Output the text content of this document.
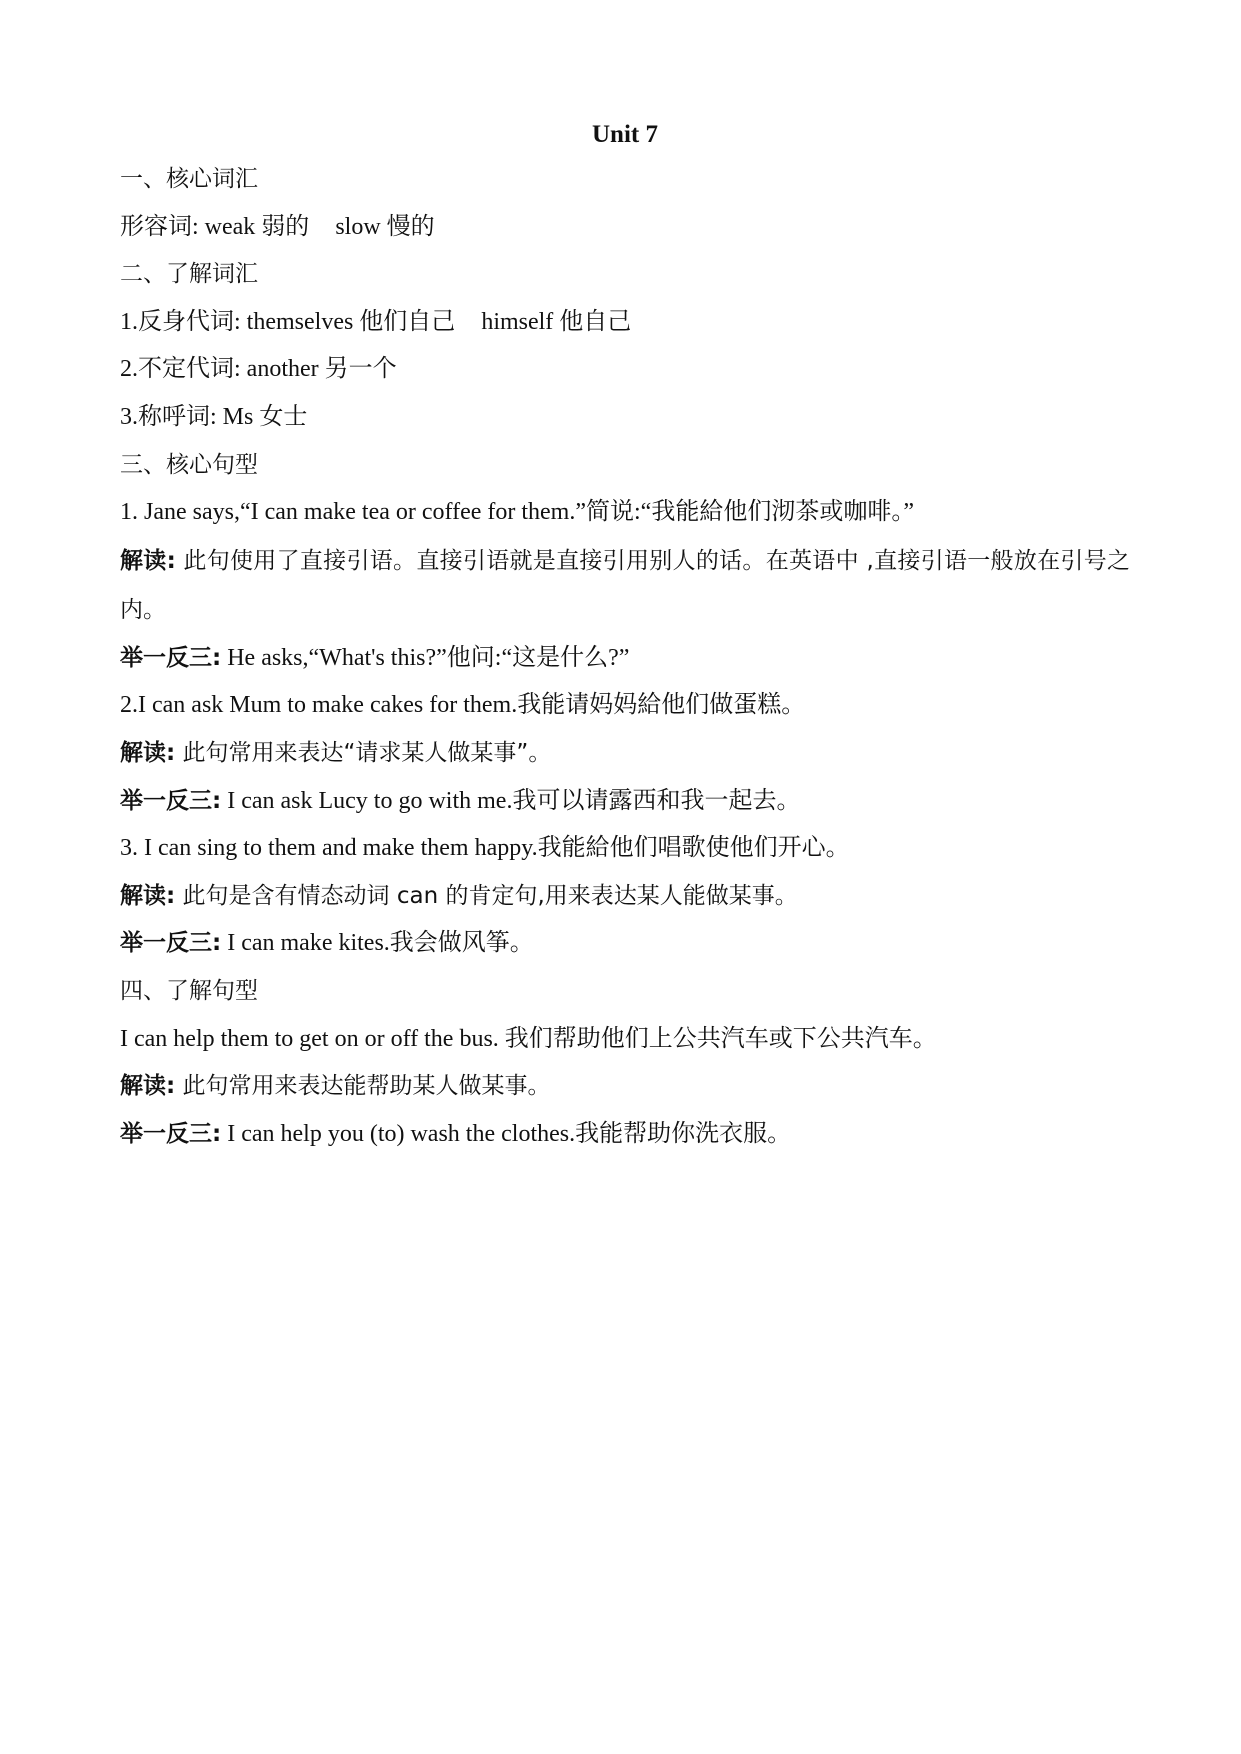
Unit 7

一、核心词汇

形容词: weak 弱的 slow 慢的

二、了解词汇

1.反身代词: themselves 他们自己 himself 他自己

2.不定代词: another 另一个

3.称呼词: Ms 女士

三、核心句型

1. Jane says,“I can make tea or coffee for them.”简说:“我能給他们沏茶或咖啡。”

解读: 此句使用了直接引语。直接引语就是直接引用别人的话。在英语中 ,直接引语一般放在引号之内。

举一反三: He asks,“What's this?”他问:“这是什么?”

2.I can ask Mum to make cakes for them.我能请妈妈給他们做蛋糕。

解读: 此句常用来表达“请求某人做某事”。

举一反三: I can ask Lucy to go with me.我可以请露西和我一起去。

3. I can sing to them and make them happy.我能給他们唱歌使他们开心。

解读: 此句是含有情态动词 can 的肯定句,用来表达某人能做某事。

举一反三: I can make kites.我会做风筝。

四、了解句型

I can help them to get on or off the bus. 我们帮助他们上公共汽车或下公共汽车。

解读: 此句常用来表达能帮助某人做某事。

举一反三: I can help you (to) wash the clothes.我能帮助你洗衣服。
